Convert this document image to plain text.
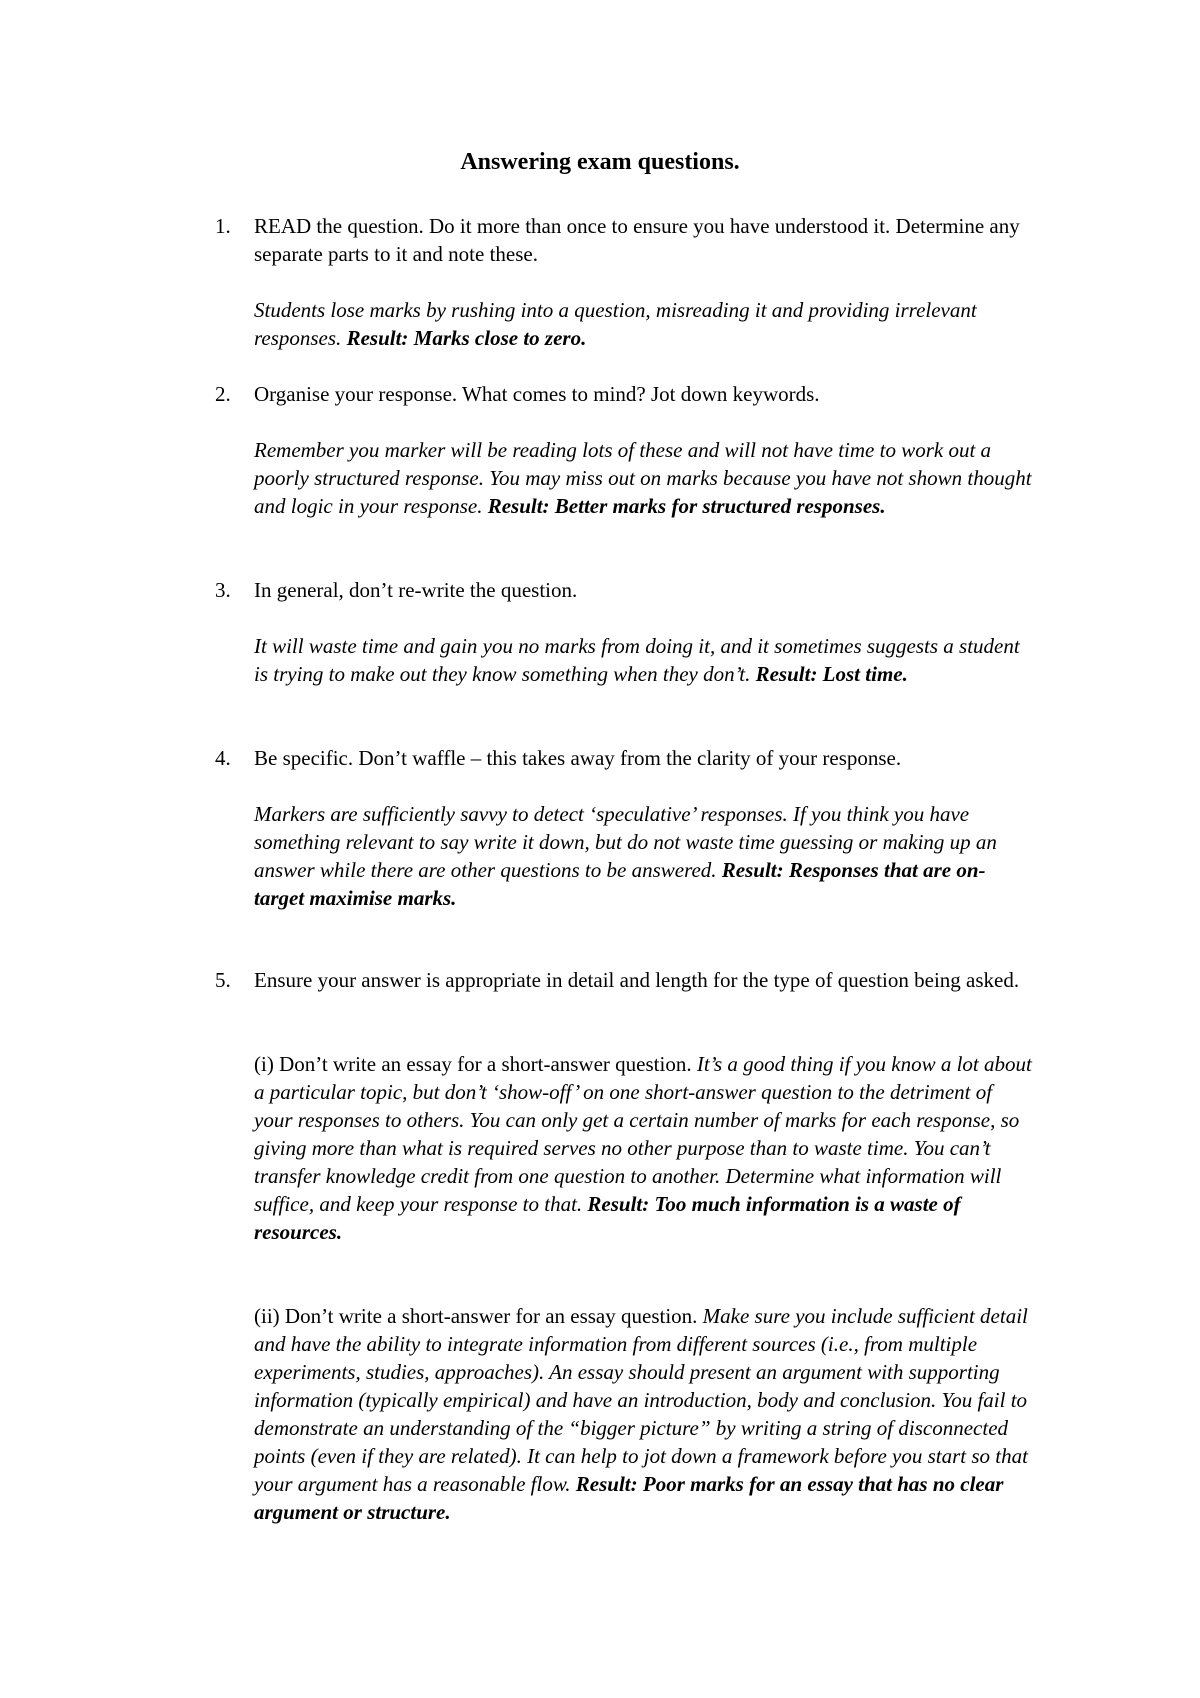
Answering exam questions.
1. READ the question. Do it more than once to ensure you have understood it. Determine any separate parts to it and note these.

Students lose marks by rushing into a question, misreading it and providing irrelevant responses. Result: Marks close to zero.

2. Organise your response. What comes to mind? Jot down keywords.

Remember you marker will be reading lots of these and will not have time to work out a poorly structured response. You may miss out on marks because you have not shown thought and logic in your response. Result: Better marks for structured responses.

3. In general, don’t re-write the question.

It will waste time and gain you no marks from doing it, and it sometimes suggests a student is trying to make out they know something when they don’t. Result: Lost time.

4. Be specific. Don’t waffle – this takes away from the clarity of your response.

Markers are sufficiently savvy to detect ‘speculative’ responses. If you think you have something relevant to say write it down, but do not waste time guessing or making up an answer while there are other questions to be answered. Result: Responses that are on-target maximise marks.

5. Ensure your answer is appropriate in detail and length for the type of question being asked.

(i) Don’t write an essay for a short-answer question. It’s a good thing if you know a lot about a particular topic, but don’t ‘show-off’ on one short-answer question to the detriment of your responses to others. You can only get a certain number of marks for each response, so giving more than what is required serves no other purpose than to waste time. You can’t transfer knowledge credit from one question to another. Determine what information will suffice, and keep your response to that. Result: Too much information is a waste of resources.

(ii) Don’t write a short-answer for an essay question. Make sure you include sufficient detail and have the ability to integrate information from different sources (i.e., from multiple experiments, studies, approaches). An essay should present an argument with supporting information (typically empirical) and have an introduction, body and conclusion. You fail to demonstrate an understanding of the “bigger picture” by writing a string of disconnected points (even if they are related). It can help to jot down a framework before you start so that your argument has a reasonable flow. Result: Poor marks for an essay that has no clear argument or structure.
